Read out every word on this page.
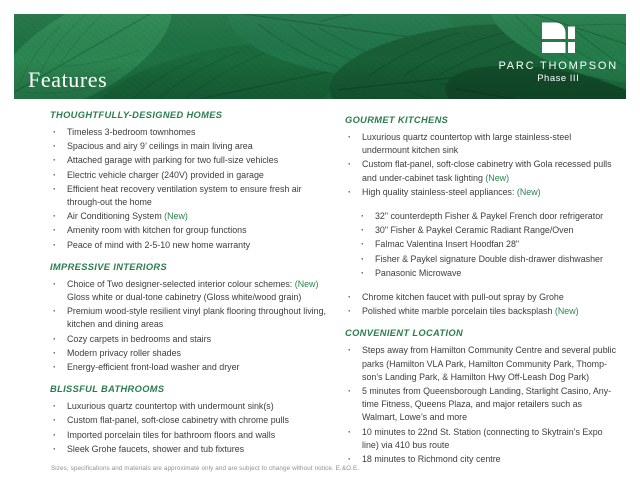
Features
PARC THOMPSON
Phase III
THOUGHTFULLY-DESIGNED HOMES
· Timeless 3-bedroom townhomes
· Spacious and airy 9’ ceilings in main living area
· Attached garage with parking for two full-size vehicles
· Electric vehicle charger (240V) provided in garage
· Efficient heat recovery ventilation system to ensure fresh air through-out the home
· Air Conditioning System (New)
· Amenity room with kitchen for group functions
· Peace of mind with 2-5-10 new home warranty
IMPRESSIVE INTERIORS
· Choice of Two designer-selected interior colour schemes: (New) Gloss white or dual-tone cabinetry (Gloss white/wood grain)
· Premium wood-style resilient vinyl plank flooring throughout living, kitchen and dining areas
· Cozy carpets in bedrooms and stairs
· Modern privacy roller shades
· Energy-efficient front-load washer and dryer
BLISSFUL BATHROOMS
· Luxurious quartz countertop with undermount sink(s)
· Custom flat-panel, soft-close cabinetry with chrome pulls
· Imported porcelain tiles for bathroom floors and walls
· Sleek Grohe faucets, shower and tub fixtures
GOURMET KITCHENS
· Luxurious quartz countertop with large stainless-steel undermount kitchen sink
· Custom flat-panel, soft-close cabinetry with Gola recessed pulls and under-cabinet task lighting (New)
· High quality stainless-steel appliances: (New)
· 32" counterdepth Fisher & Paykel French door refrigerator
· 30" Fisher & Paykel Ceramic Radiant Range/Oven
· Falmac Valentina Insert Hoodfan 28"
· Fisher & Paykel signature Double dish-drawer dishwasher
· Panasonic Microwave
· Chrome kitchen faucet with pull-out spray by Grohe
· Polished white marble porcelain tiles backsplash (New)
CONVENIENT LOCATION
· Steps away from Hamilton Community Centre and several public parks (Hamilton VLA Park, Hamilton Community Park, Thomp-son’s Landing Park, & Hamilton Hwy Off-Leash Dog Park)
· 5 minutes from Queensborough Landing, Starlight Casino, Any-time Fitness, Queens Plaza, and major retailers such as Walmart, Lowe’s and more
· 10 minutes to 22nd St. Station (connecting to Skytrain’s Expo line) via 410 bus route
· 18 minutes to Richmond city centre
Sizes, specifications and materials are approximate only and are subject to change without notice. E.&O.E.
